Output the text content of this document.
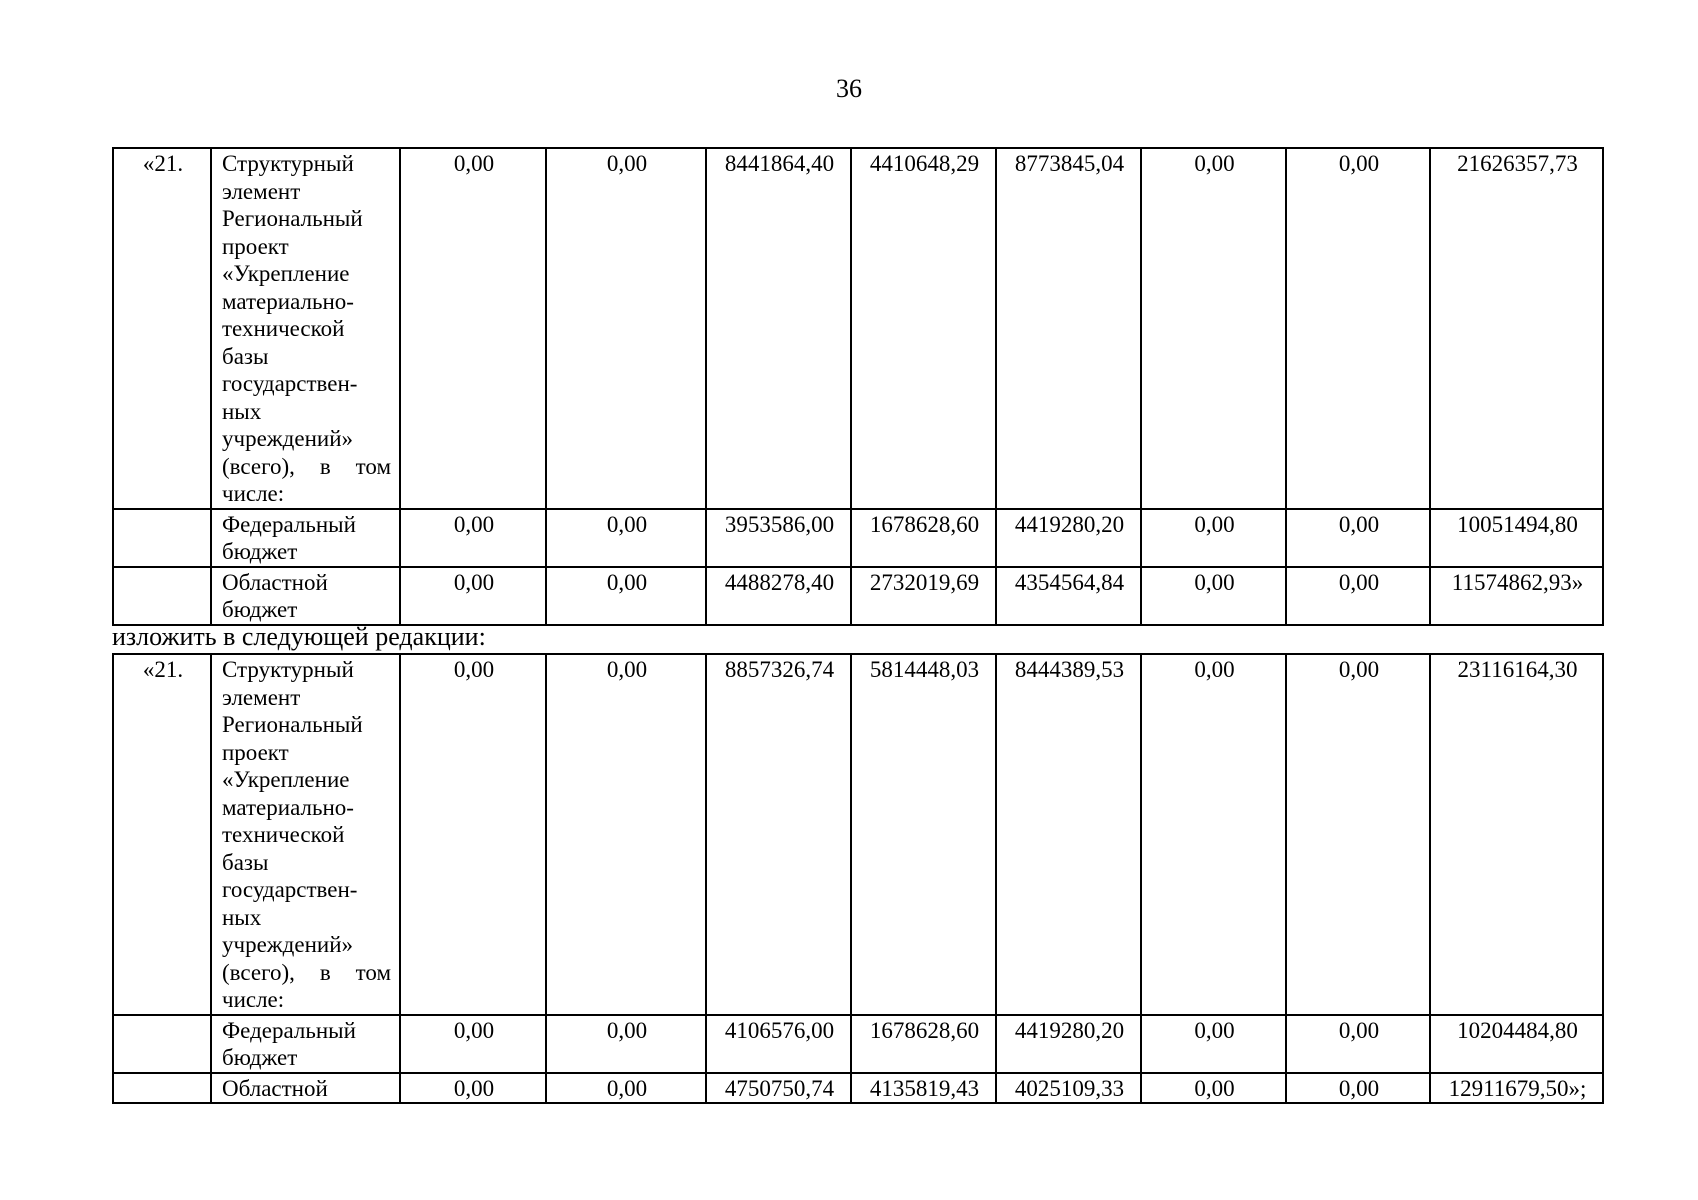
36
«21.	Структурный элемент Региональный проект «Укрепление материально-технической базы государствен-ных учреждений» (всего), в том числе:	0,00	0,00	8441864,40	4410648,29	8773845,04	0,00	0,00	21626357,73
	Федеральный бюджет	0,00	0,00	3953586,00	1678628,60	4419280,20	0,00	0,00	10051494,80
	Областной бюджет	0,00	0,00	4488278,40	2732019,69	4354564,84	0,00	0,00	11574862,93»
изложить в следующей редакции:
«21.	Структурный элемент Региональный проект «Укрепление материально-технической базы государствен-ных учреждений» (всего), в том числе:	0,00	0,00	8857326,74	5814448,03	8444389,53	0,00	0,00	23116164,30
	Федеральный бюджет	0,00	0,00	4106576,00	1678628,60	4419280,20	0,00	0,00	10204484,80
	Областной	0,00	0,00	4750750,74	4135819,43	4025109,33	0,00	0,00	12911679,50»;
